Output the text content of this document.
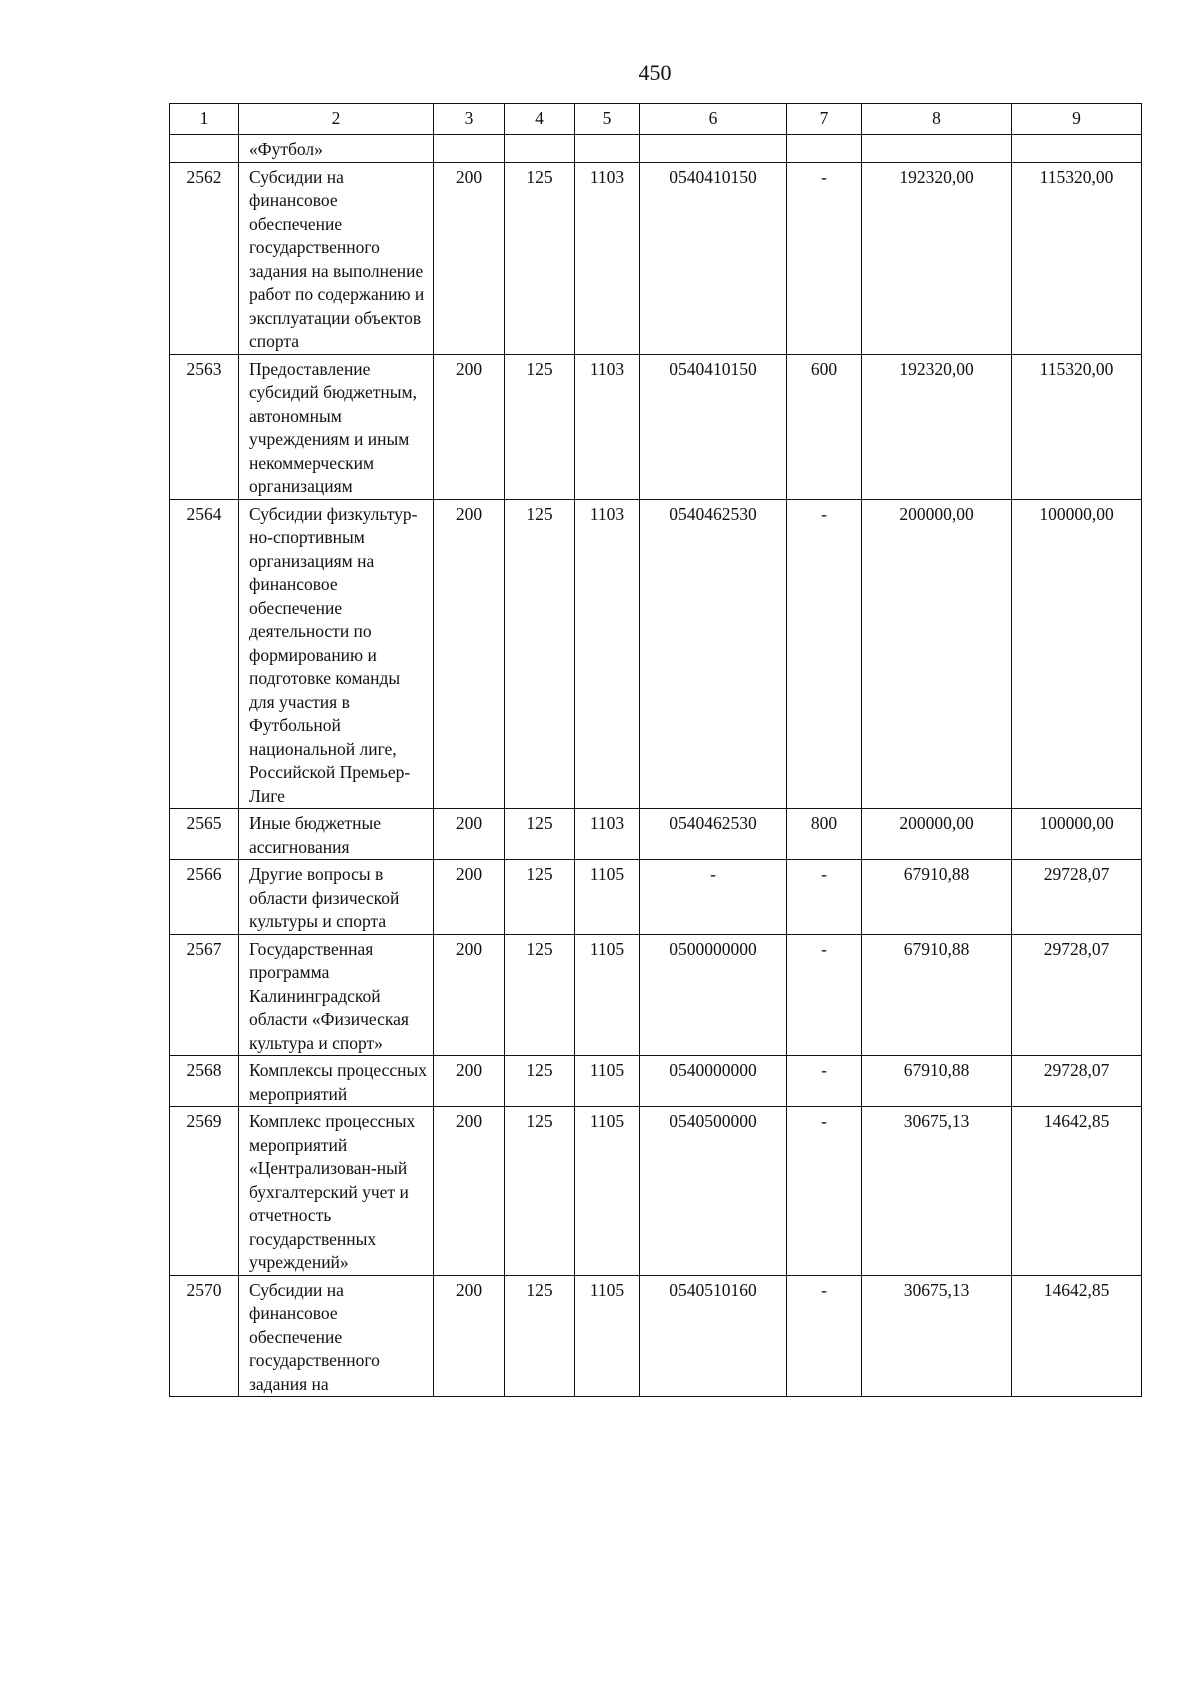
450
1	2	3	4	5	6	7	8	9
	«Футбол»							
2562	Субсидии на финансовое обеспечение государственного задания на выполнение работ по содержанию и эксплуатации объектов спорта	200	125	1103	0540410150	-	192320,00	115320,00
2563	Предоставление субсидий бюджетным, автономным учреждениям и иным некоммерческим организациям	200	125	1103	0540410150	600	192320,00	115320,00
2564	Субсидии физкультур-но-спортивным организациям на финансовое обеспечение деятельности по формированию и подготовке команды для участия в Футбольной национальной лиге, Российской Премьер-Лиге	200	125	1103	0540462530	-	200000,00	100000,00
2565	Иные бюджетные ассигнования	200	125	1103	0540462530	800	200000,00	100000,00
2566	Другие вопросы в области физической культуры и спорта	200	125	1105	-	-	67910,88	29728,07
2567	Государственная программа Калининградской области «Физическая культура и спорт»	200	125	1105	0500000000	-	67910,88	29728,07
2568	Комплексы процессных мероприятий	200	125	1105	0540000000	-	67910,88	29728,07
2569	Комплекс процессных мероприятий «Централизован-ный бухгалтерский учет и отчетность государственных учреждений»	200	125	1105	0540500000	-	30675,13	14642,85
2570	Субсидии на финансовое обеспечение государственного задания на	200	125	1105	0540510160	-	30675,13	14642,85
